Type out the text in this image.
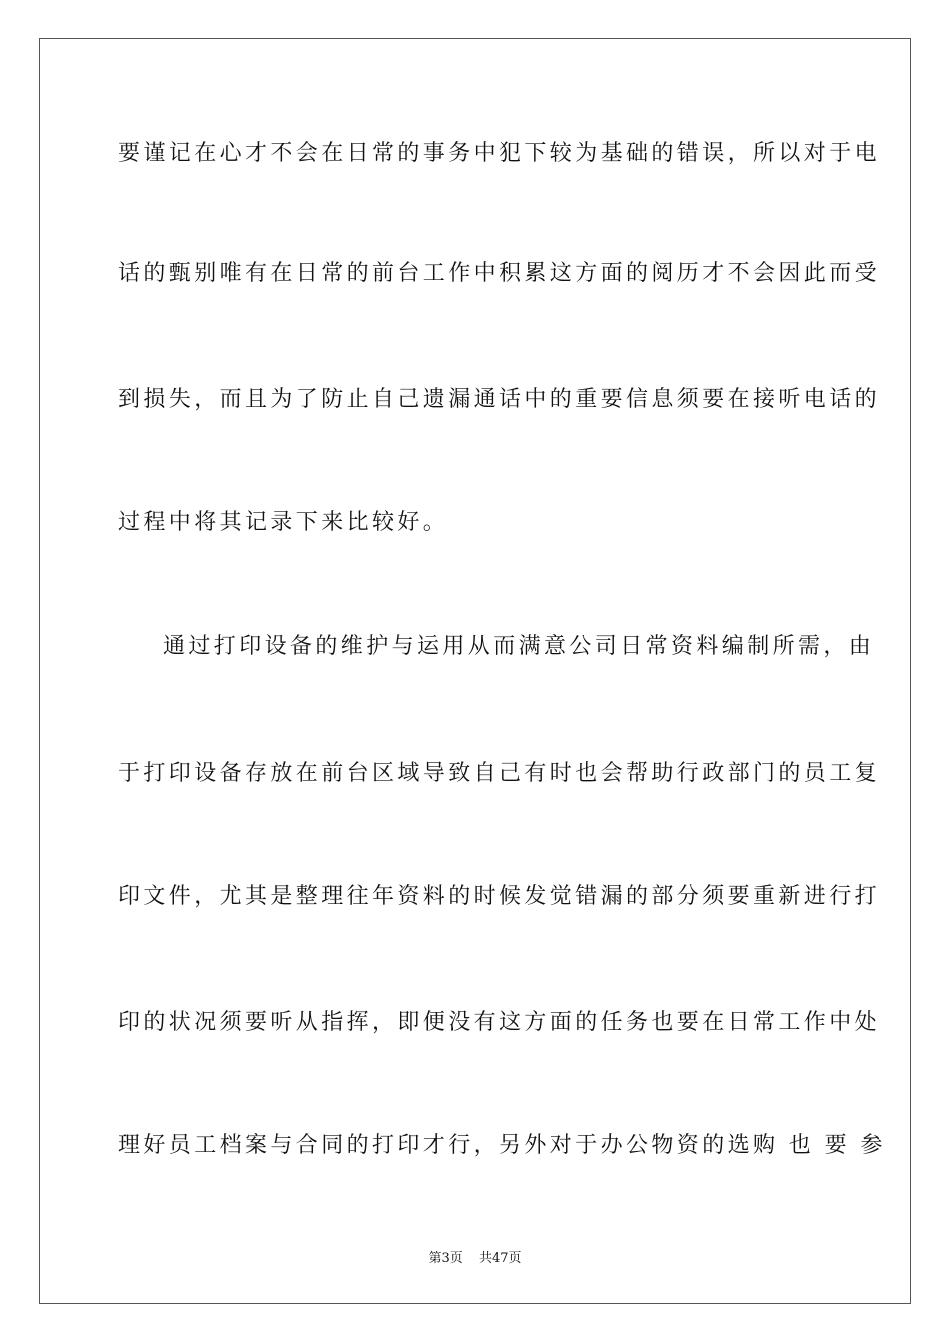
要谨记在心才不会在日常的事务中犯下较为基础的错误，所以对于电
话的甄别唯有在日常的前台工作中积累这方面的阅历才不会因此而受
到损失，而且为了防止自己遗漏通话中的重要信息须要在接听电话的
过程中将其记录下来比较好。
通过打印设备的维护与运用从而满意公司日常资料编制所需，由
于打印设备存放在前台区域导致自己有时也会帮助行政部门的员工复
印文件，尤其是整理往年资料的时候发觉错漏的部分须要重新进行打
印的状况须要听从指挥，即便没有这方面的任务也要在日常工作中处
理好员工档案与合同的打印才行，另外对于办公物资的选购 也 要 参
第3页 共47页
